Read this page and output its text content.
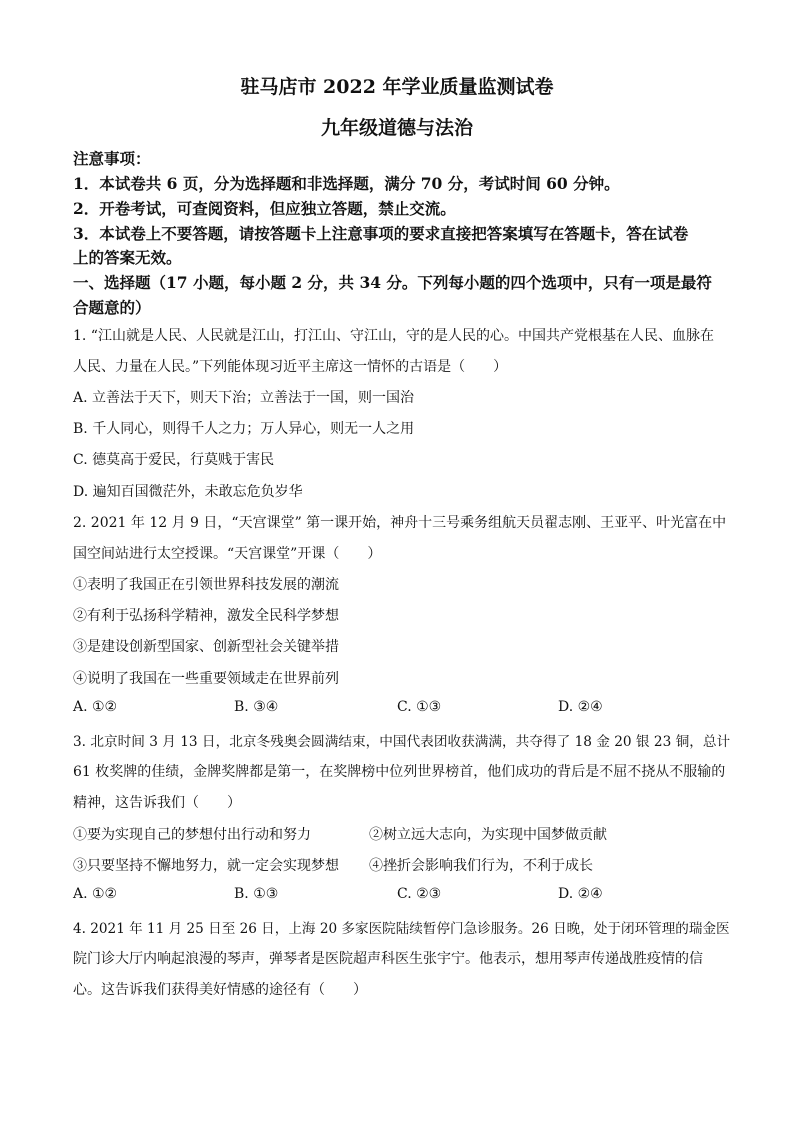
驻马店市 2022 年学业质量监测试卷
九年级道德与法治
注意事项：
1．本试卷共 6 页，分为选择题和非选择题，满分 70 分，考试时间 60 分钟。
2．开卷考试，可查阅资料，但应独立答题，禁止交流。
3．本试卷上不要答题，请按答题卡上注意事项的要求直接把答案填写在答题卡，答在试卷
上的答案无效。
一、选择题（17 小题，每小题 2 分，共 34 分。下列每小题的四个选项中，只有一项是最符
合题意的）
1. “江山就是人民、人民就是江山，打江山、守江山，守的是人民的心。中国共产党根基在人民、血脉在
人民、力量在人民。”下列能体现习近平主席这一情怀的古语是（　　）
A. 立善法于天下，则天下治；立善法于一国，则一国治
B. 千人同心，则得千人之力；万人异心，则无一人之用
C. 德莫高于爱民，行莫贱于害民
D. 遍知百国微茫外，未敢忘危负岁华
2. 2021 年 12 月 9 日，“天宫课堂” 第一课开始，神舟十三号乘务组航天员翟志刚、王亚平、叶光富在中
国空间站进行太空授课。“天宫课堂”开课（　　）
①表明了我国正在引领世界科技发展的潮流
②有利于弘扬科学精神，激发全民科学梦想
③是建设创新型国家、创新型社会关键举措
④说明了我国在一些重要领域走在世界前列
A. ①②	B. ③④	C. ①③	D. ②④
3. 北京时间 3 月 13 日，北京冬残奥会圆满结束，中国代表团收获满满，共夺得了 18 金 20 银 23 铜，总计
61 枚奖牌的佳绩，金牌奖牌都是第一，在奖牌榜中位列世界榜首，他们成功的背后是不屈不挠从不服输的
精神，这告诉我们（　　）
①要为实现自己的梦想付出行动和努力	②树立远大志向，为实现中国梦做贡献
③只要坚持不懈地努力，就一定会实现梦想 ④挫折会影响我们行为，不利于成长
A. ①②	B. ①③	C. ②③	D. ②④
4. 2021 年 11 月 25 日至 26 日，上海 20 多家医院陆续暂停门急诊服务。26 日晚，处于闭环管理的瑞金医
院门诊大厅内响起浪漫的琴声，弹琴者是医院超声科医生张宇宁。他表示，想用琴声传递战胜疫情的信
心。这告诉我们获得美好情感的途径有（　　）
